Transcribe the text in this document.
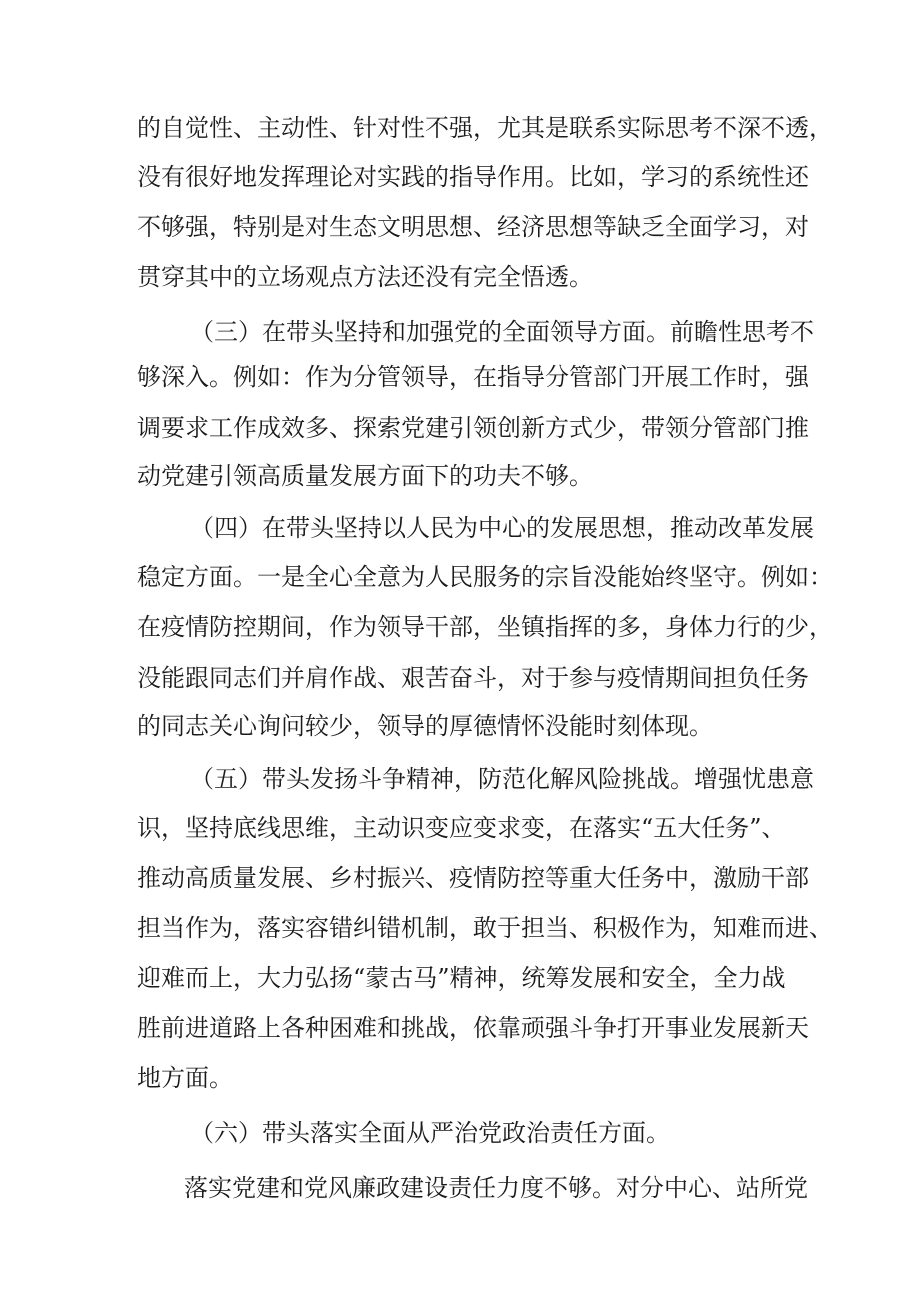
的自觉性、主动性、针对性不强，尤其是联系实际思考不深不透，
没有很好地发挥理论对实践的指导作用。比如，学习的系统性还
不够强，特别是对生态文明思想、经济思想等缺乏全面学习，对
贯穿其中的立场观点方法还没有完全悟透。
（三）在带头坚持和加强党的全面领导方面。前瞻性思考不
够深入。例如：作为分管领导，在指导分管部门开展工作时，强
调要求工作成效多、探索党建引领创新方式少，带领分管部门推
动党建引领高质量发展方面下的功夫不够。
（四）在带头坚持以人民为中心的发展思想，推动改革发展
稳定方面。一是全心全意为人民服务的宗旨没能始终坚守。例如：
在疫情防控期间，作为领导干部，坐镇指挥的多，身体力行的少，
没能跟同志们并肩作战、艰苦奋斗，对于参与疫情期间担负任务
的同志关心询问较少，领导的厚德情怀没能时刻体现。
（五）带头发扬斗争精神，防范化解风险挑战。增强忧患意
识，坚持底线思维，主动识变应变求变，在落实“五大任务”、
推动高质量发展、乡村振兴、疫情防控等重大任务中，激励干部
担当作为，落实容错纠错机制，敢于担当、积极作为，知难而进、
迎难而上，大力弘扬“蒙古马”精神，统筹发展和安全，全力战
胜前进道路上各种困难和挑战，依靠顽强斗争打开事业发展新天
地方面。
（六）带头落实全面从严治党政治责任方面。
落实党建和党风廉政建设责任力度不够。对分中心、站所党
